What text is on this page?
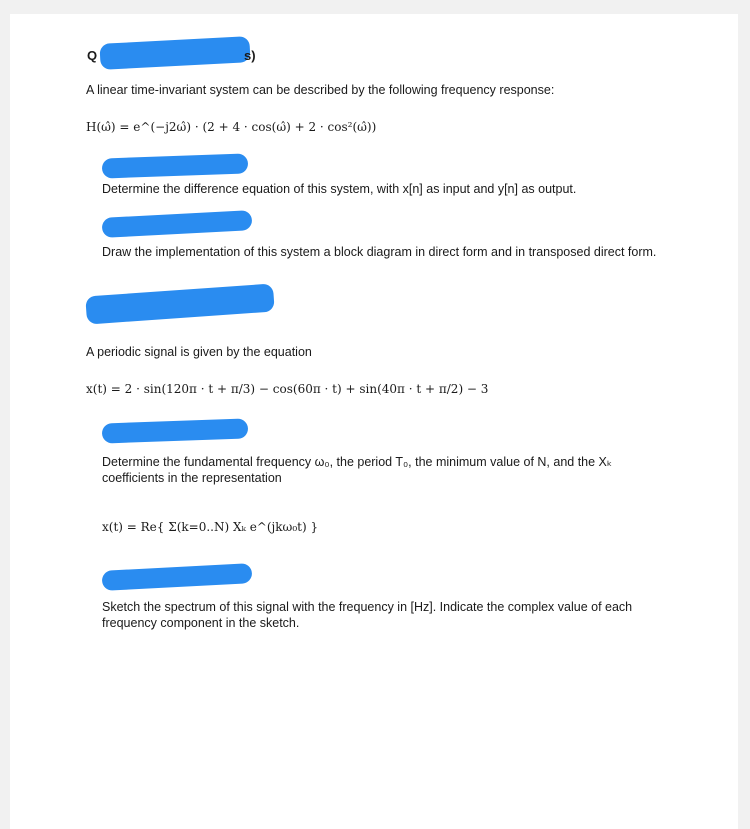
Q	s)
A linear time-invariant system can be described by the following frequency response:
H(ω̂) = e^(−j2ω̂) · (2 + 4 · cos(ω̂) + 2 · cos²(ω̂))
Determine the difference equation of this system, with x[n] as input and y[n] as output.
Draw the implementation of this system a block diagram in direct form and in transposed direct form.
A periodic signal is given by the equation
x(t) = 2 · sin(120π · t + π/3) − cos(60π · t) + sin(40π · t + π/2) − 3
Determine the fundamental frequency ω₀, the period T₀, the minimum value of N, and the Xₖ coefficients in the representation
x(t) = Re{ Σ(k=0..N) Xₖ e^(jkω₀t) }
Sketch the spectrum of this signal with the frequency in [Hz]. Indicate the complex value of each frequency component in the sketch.
